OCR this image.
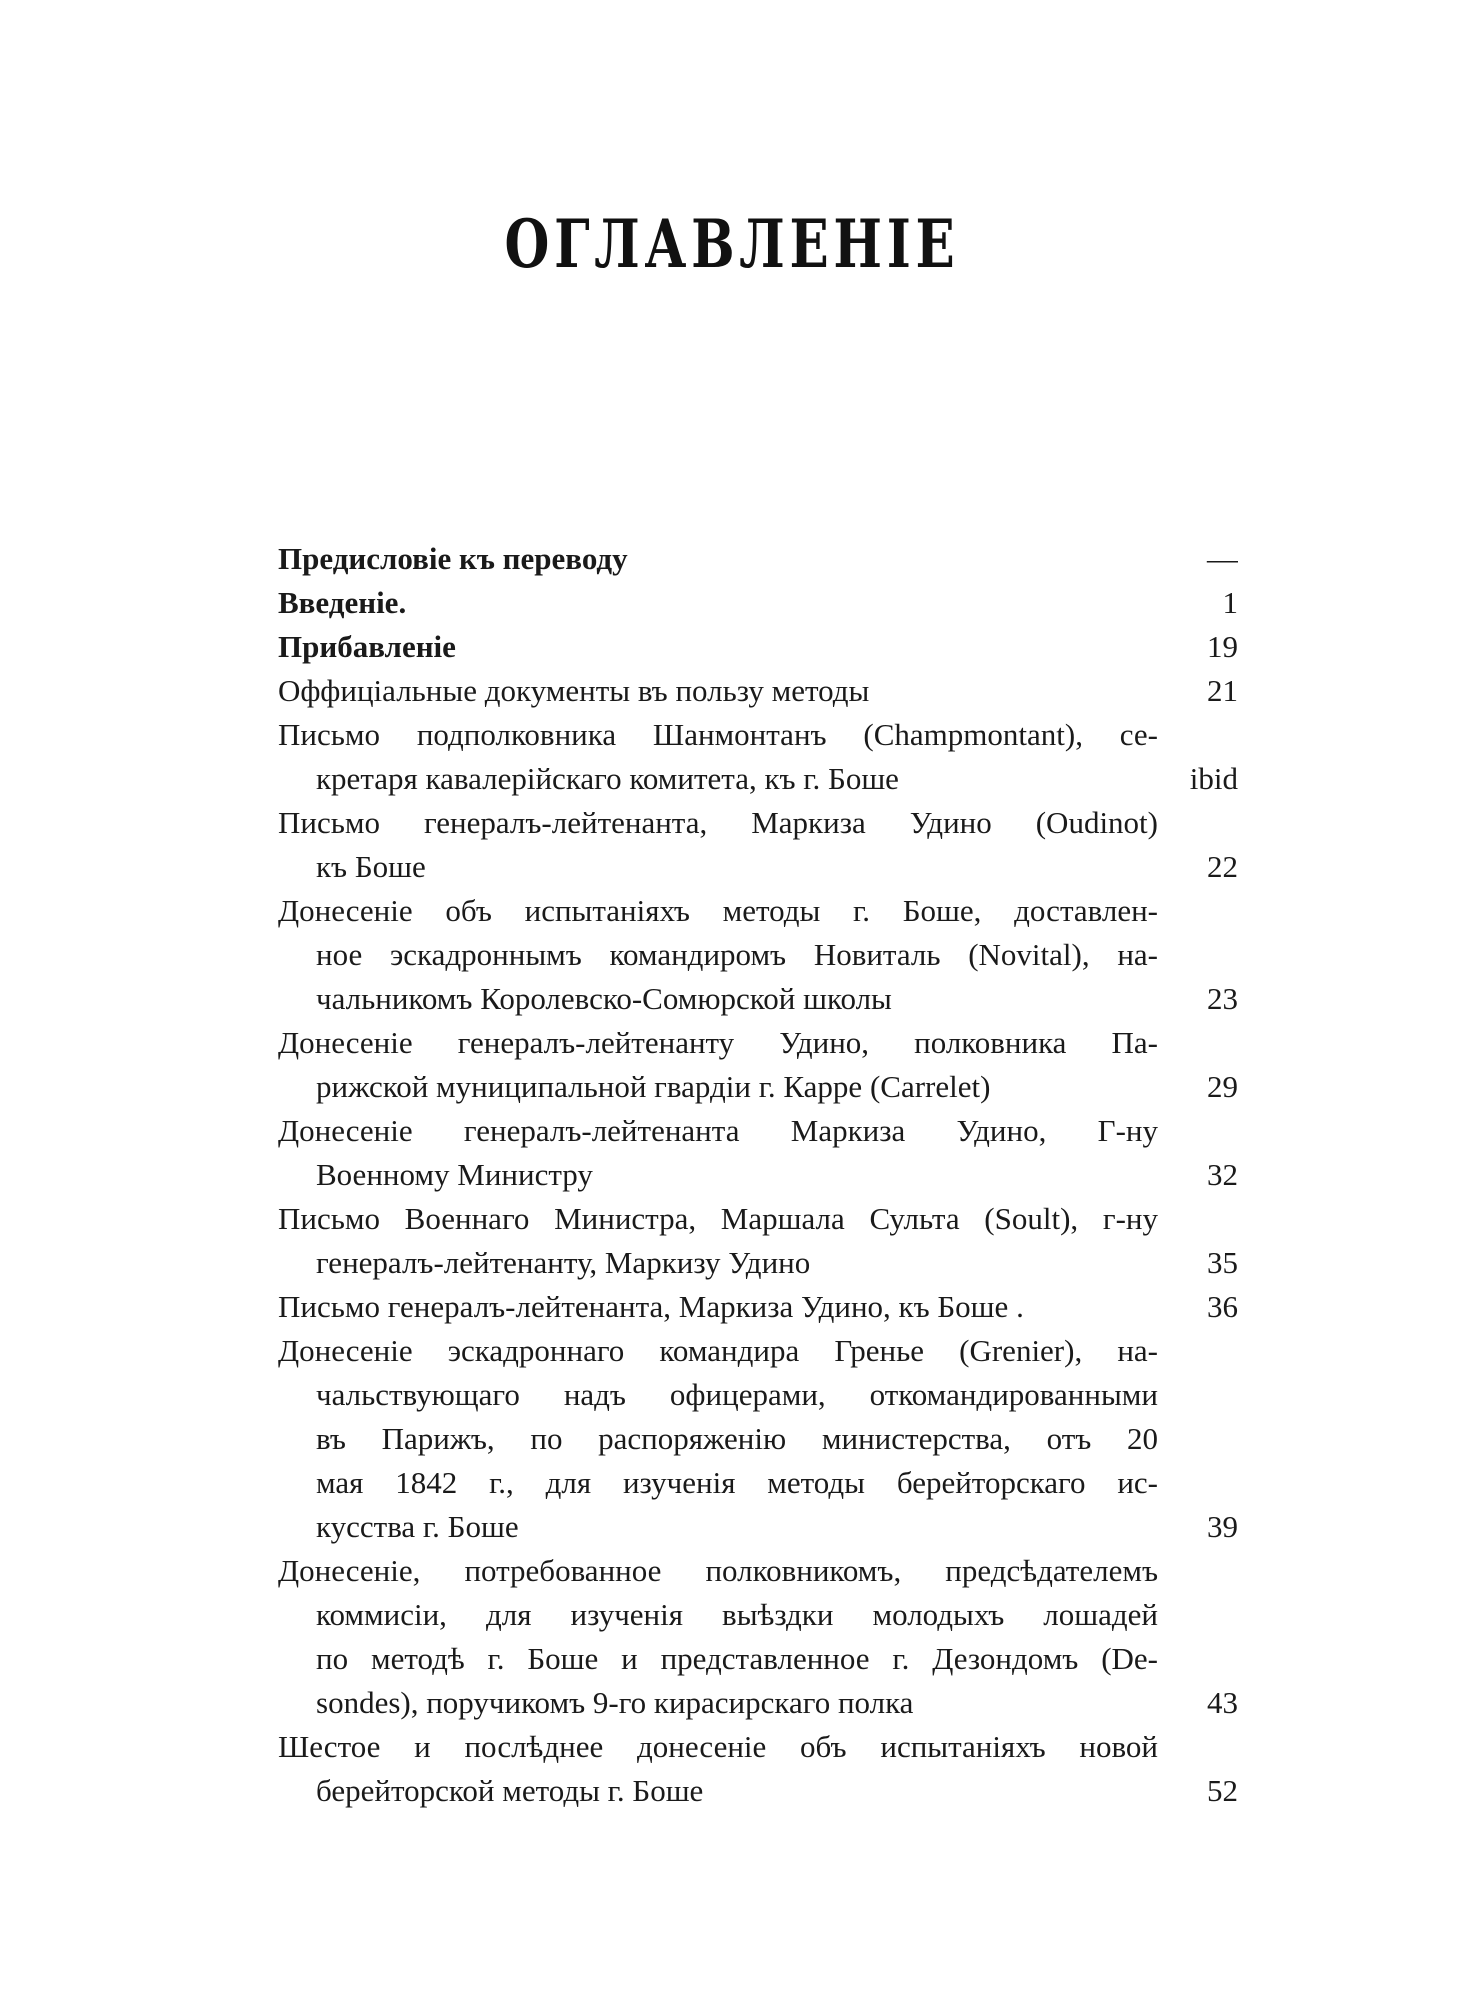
ОГЛАВЛЕНІЕ
Предисловіе къ переводу	—
Введеніе.	1
Прибавленіе	19
Оффиціальные документы въ пользу методы	21
Письмо подполковника Шанмонтанъ (Champmontant), се-
кретаря кавалерійскаго комитета, къ г. Боше	ibid
Письмо генералъ-лейтенанта, Маркиза Удино (Oudinot)
къ Боше	22
Донесеніе объ испытаніяхъ методы г. Боше, доставлен-
ное эскадроннымъ командиромъ Новиталь (Novital), на-
чальникомъ Королевско-Сомюрской школы	23
Донесеніе генералъ-лейтенанту Удино, полковника Па-
рижской муниципальной гвардіи г. Карре (Carrelet)	29
Донесеніе генералъ-лейтенанта Маркиза Удино, Г-ну
Военному Министру	32
Письмо Военнаго Министра, Маршала Сульта (Soult), г-ну
генералъ-лейтенанту, Маркизу Удино	35
Письмо генералъ-лейтенанта, Маркиза Удино, къ Боше .	36
Донесеніе эскадроннаго командира Греньe (Grenier), на-
чальствующаго надъ офицерами, откомандированными
въ Парижъ, по распоряженію министерства, отъ 20
мая 1842 г., для изученія методы берейторскаго ис-
кусства г. Боше	39
Донесеніе, потребованное полковникомъ, предсѣдателемъ
коммисіи, для изученія выѣздки молодыхъ лошадей
по методѣ г. Боше и представленное г. Дезондомъ (De-
sondes), поручикомъ 9-го кирасирскаго полка	43
Шестое и послѣднее донесеніе объ испытаніяхъ новой
берейторской методы г. Боше	52
